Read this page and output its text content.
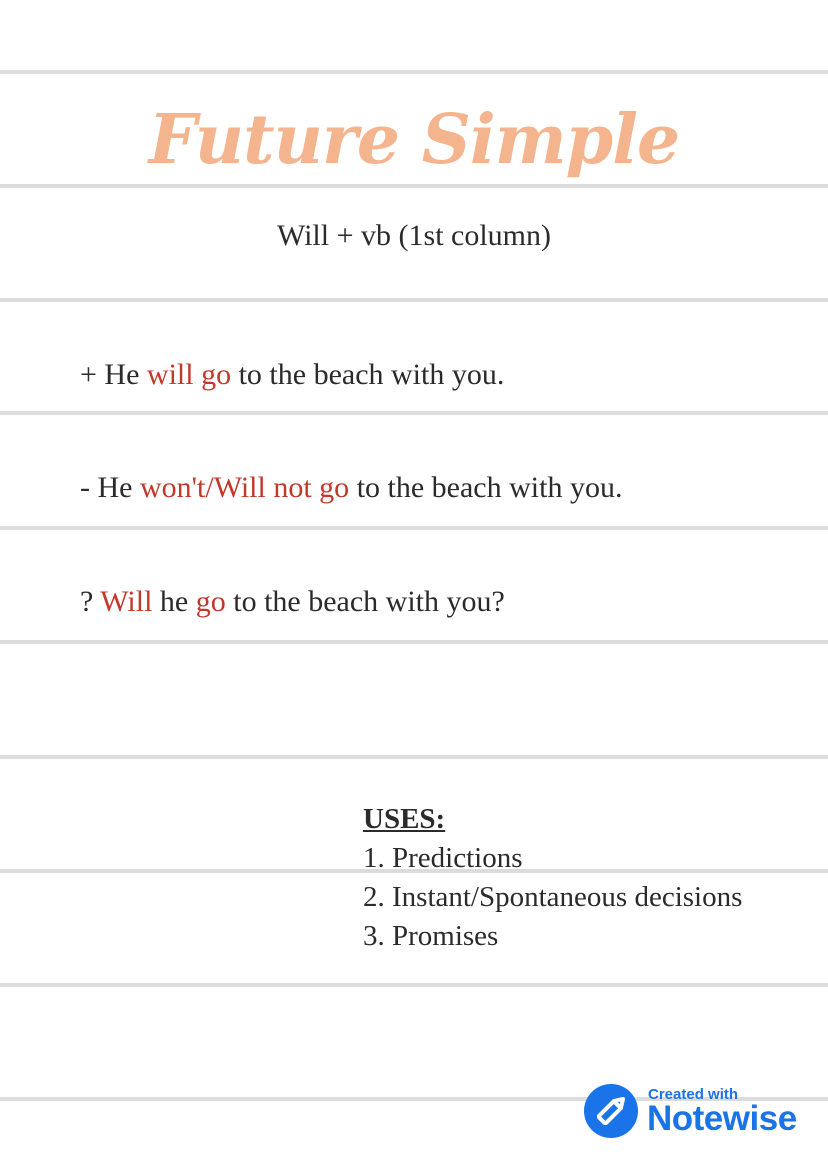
Future Simple
Will + vb (1st column)
+ He will go to the beach with you.
- He won't/Will not go to the beach with you.
? Will he go to the beach with you?
USES:
1. Predictions
2. Instant/Spontaneous decisions
3. Promises
Created with
Notewise
